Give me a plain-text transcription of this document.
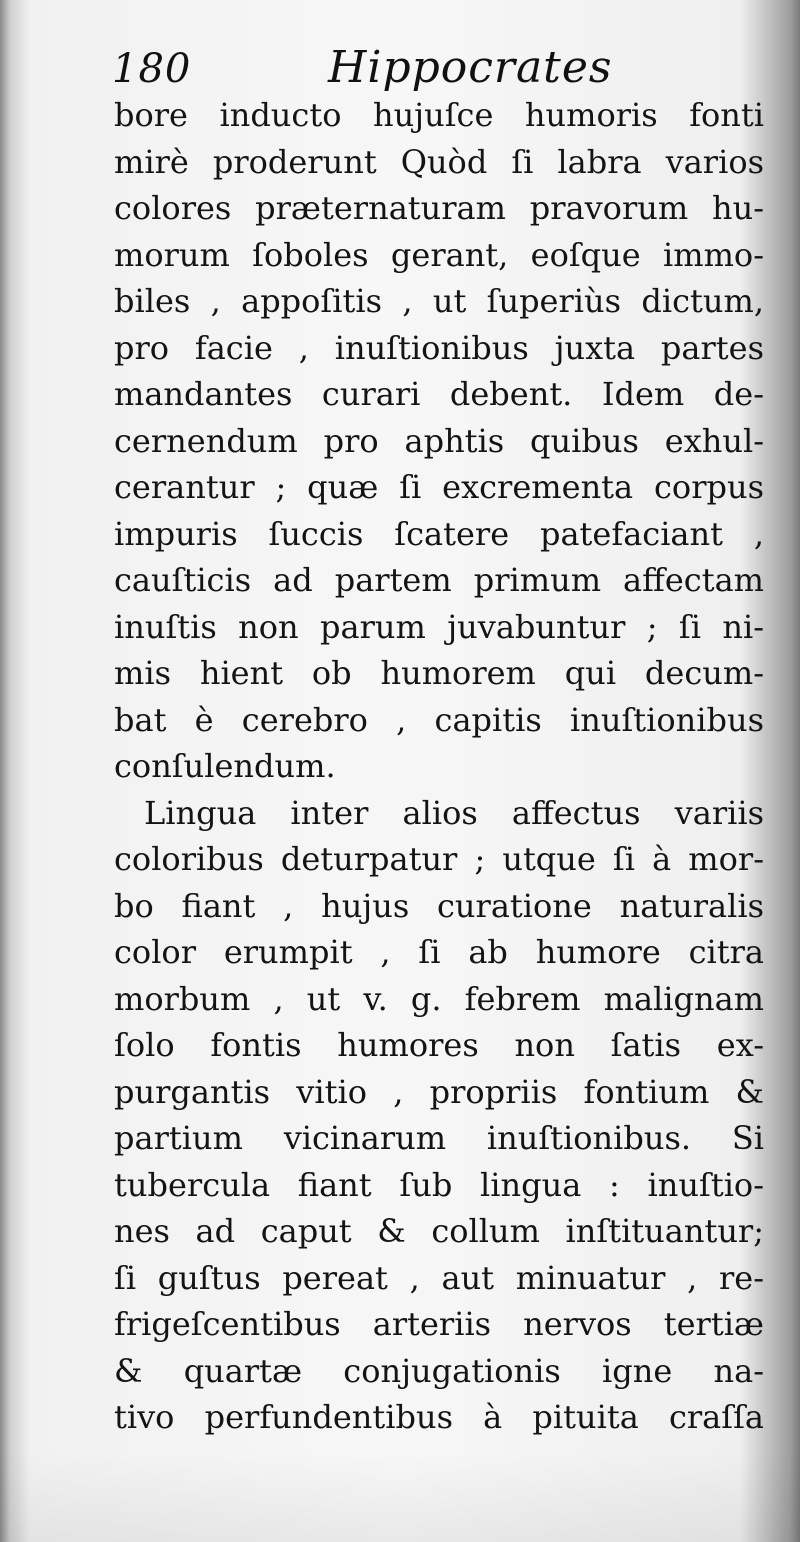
180	Hippocrates
bore inducto hujuſce humoris fonti
mirè proderunt Quòd ſi labra varios
colores præternaturam pravorum hu-
morum ſoboles gerant, eoſque immo-
biles , appoſitis , ut ſuperiùs dictum,
pro facie , inuſtionibus juxta partes
mandantes curari debent. Idem de-
cernendum pro aphtis quibus exhul-
cerantur ; quæ ſi excrementa corpus
impuris ſuccis ſcatere patefaciant ,
cauſticis ad partem primum affectam
inuſtis non parum juvabuntur ; ſi ni-
mis hient ob humorem qui decum-
bat è cerebro , capitis inuſtionibus
conſulendum.
Lingua inter alios affectus variis
coloribus deturpatur ; utque ſi à mor-
bo fiant , hujus curatione naturalis
color erumpit , ſi ab humore citra
morbum , ut v. g. febrem malignam
ſolo fontis humores non ſatis ex-
purgantis vitio , propriis fontium &
partium vicinarum inuſtionibus. Si
tubercula fiant ſub lingua : inuſtio-
nes ad caput & collum inſtituantur;
ſi guſtus pereat , aut minuatur , re-
frigeſcentibus arteriis nervos tertiæ
& quartæ conjugationis igne na-
tivo perfundentibus à pituita craſſa
